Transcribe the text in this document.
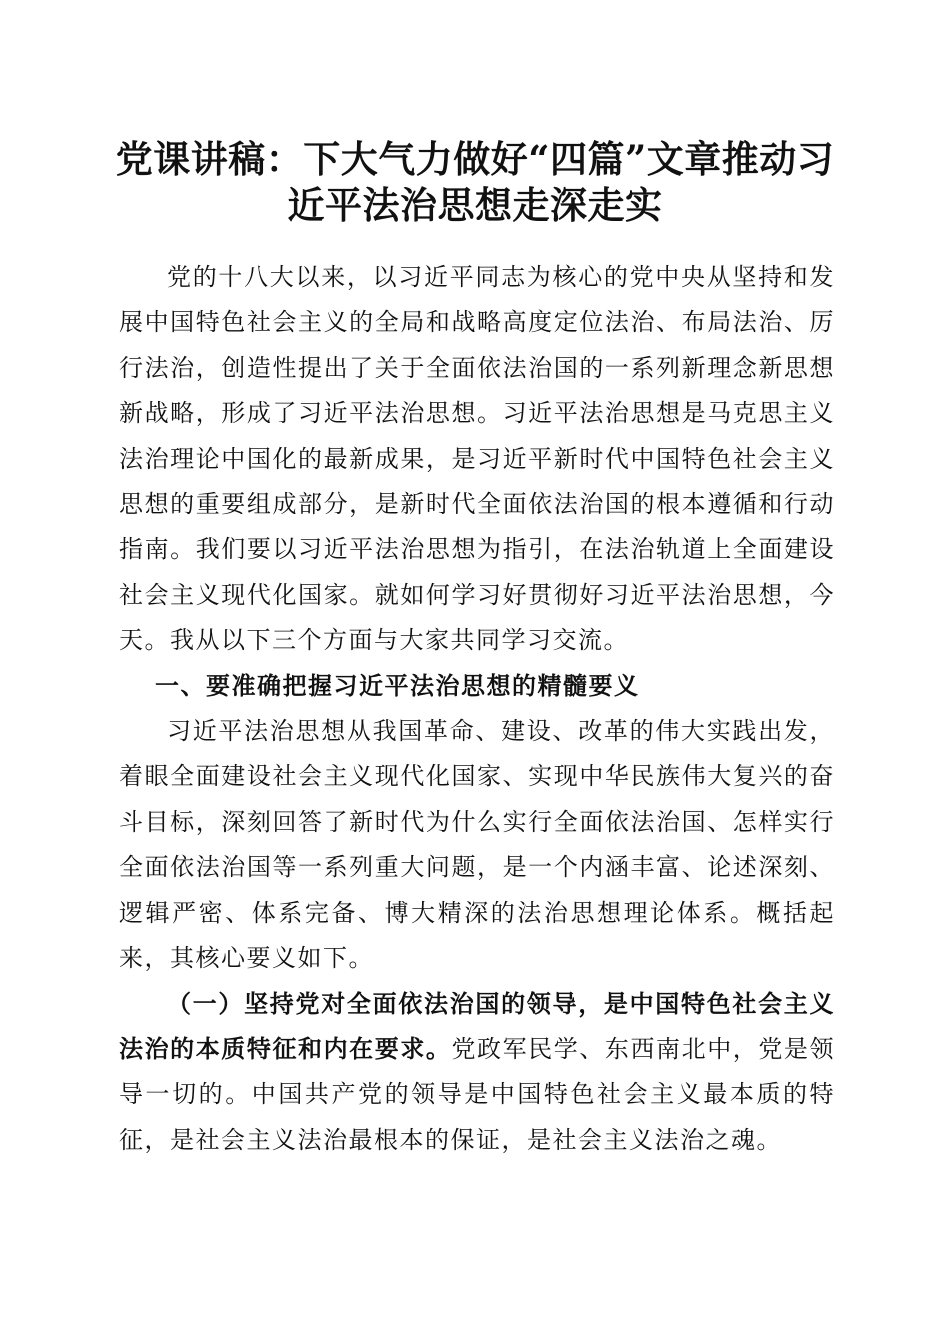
党课讲稿：下大气力做好“四篇”文章推动习
近平法治思想走深走实

党的十八大以来，以习近平同志为核心的党中央从坚持和发展中国特色社会主义的全局和战略高度定位法治、布局法治、厉行法治，创造性提出了关于全面依法治国的一系列新理念新思想新战略，形成了习近平法治思想。习近平法治思想是马克思主义法治理论中国化的最新成果，是习近平新时代中国特色社会主义思想的重要组成部分，是新时代全面依法治国的根本遵循和行动指南。我们要以习近平法治思想为指引，在法治轨道上全面建设社会主义现代化国家。就如何学习好贯彻好习近平法治思想，今天。我从以下三个方面与大家共同学习交流。

一、要准确把握习近平法治思想的精髓要义

习近平法治思想从我国革命、建设、改革的伟大实践出发，着眼全面建设社会主义现代化国家、实现中华民族伟大复兴的奋斗目标，深刻回答了新时代为什么实行全面依法治国、怎样实行全面依法治国等一系列重大问题，是一个内涵丰富、论述深刻、逻辑严密、体系完备、博大精深的法治思想理论体系。概括起来，其核心要义如下。

（一）坚持党对全面依法治国的领导，是中国特色社会主义法治的本质特征和内在要求。党政军民学、东西南北中，党是领导一切的。中国共产党的领导是中国特色社会主义最本质的特征，是社会主义法治最根本的保证，是社会主义法治之魂。
